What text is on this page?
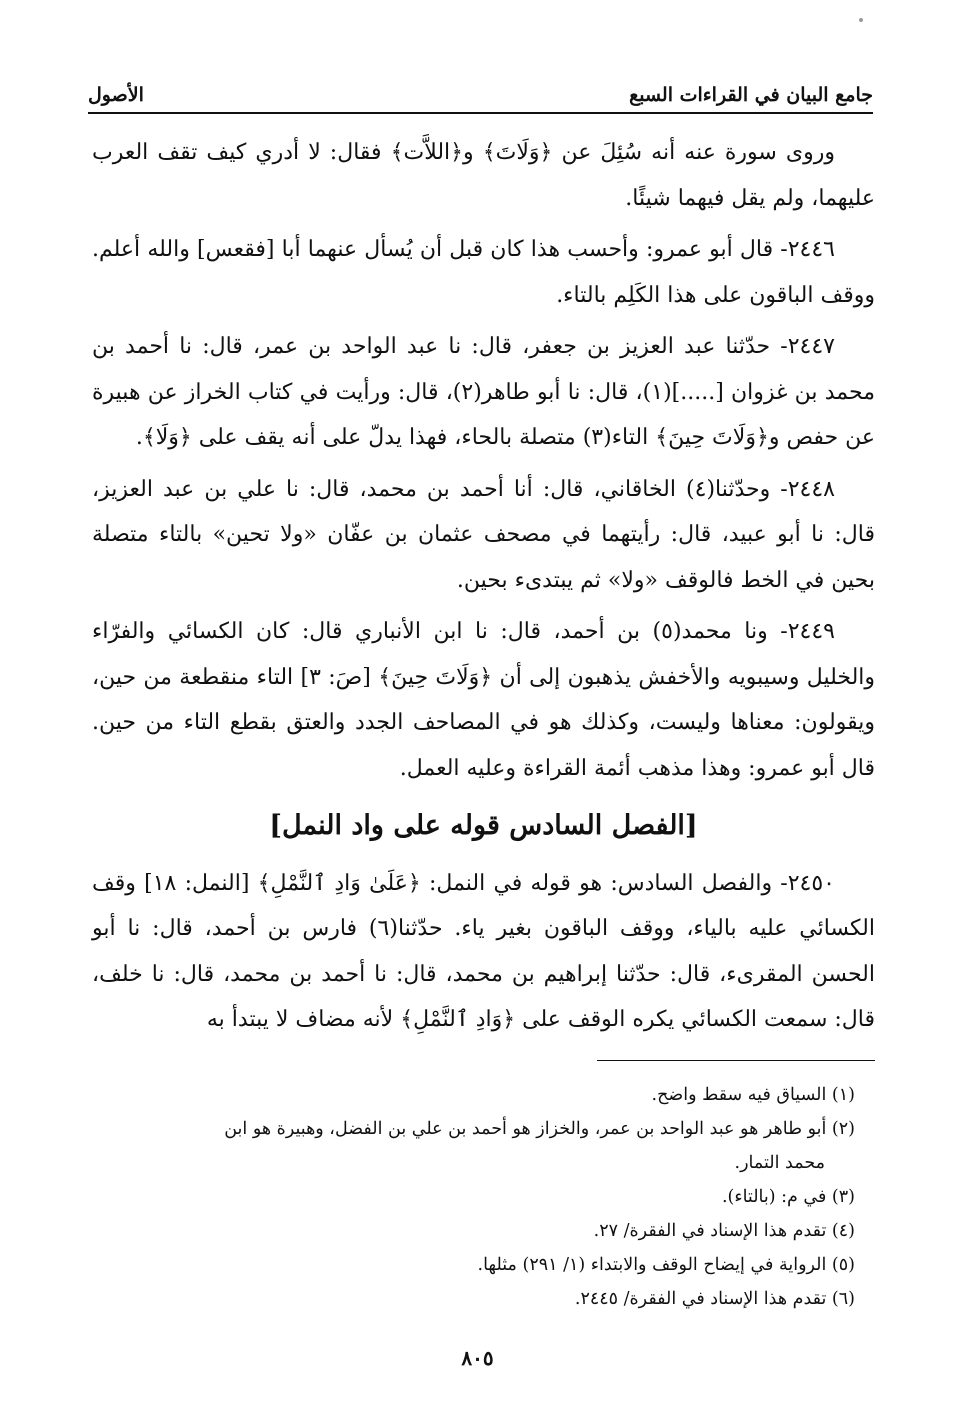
جامع البيان في القراءات السبع
الأصول

وروى سورة عنه أنه سُئِلَ عن ﴿وَلَاتَ﴾ و﴿اللاَّت﴾ فقال: لا أدري كيف تقف العرب عليهما، ولم يقل فيهما شيئًا.

٢٤٤٦- قال أبو عمرو: وأحسب هذا كان قبل أن يُسأل عنهما أبا [فقعس] والله أعلم. ووقف الباقون على هذا الكَلِم بالتاء.

٢٤٤٧- حدّثنا عبد العزيز بن جعفر، قال: نا عبد الواحد بن عمر، قال: نا أحمد بن محمد بن غزوان [.....](١)، قال: نا أبو طاهر(٢)، قال: ورأيت في كتاب الخراز عن هبيرة عن حفص و﴿وَلَاتَ حِينَ﴾ التاء(٣) متصلة بالحاء، فهذا يدلّ على أنه يقف على ﴿وَلَا﴾.

٢٤٤٨- وحدّثنا(٤) الخاقاني، قال: أنا أحمد بن محمد، قال: نا علي بن عبد العزيز، قال: نا أبو عبيد، قال: رأيتهما في مصحف عثمان بن عفّان «ولا تحين» بالتاء متصلة بحين في الخط فالوقف «ولا» ثم يبتدىء بحين.

٢٤٤٩- ونا محمد(٥) بن أحمد، قال: نا ابن الأنباري قال: كان الكسائي والفرّاء والخليل وسيبويه والأخفش يذهبون إلى أن ﴿وَلَاتَ حِينَ﴾ [صَ: ٣] التاء منقطعة من حين، ويقولون: معناها وليست، وكذلك هو في المصاحف الجدد والعتق بقطع التاء من حين. قال أبو عمرو: وهذا مذهب أئمة القراءة وعليه العمل.

[الفصل السادس قوله على واد النمل]

٢٤٥٠- والفصل السادس: هو قوله في النمل: ﴿عَلَىٰ وَادِ ٱلنَّمْلِ﴾ [النمل: ١٨] وقف الكسائي عليه بالياء، ووقف الباقون بغير ياء. حدّثنا(٦) فارس بن أحمد، قال: نا أبو الحسن المقرىء، قال: حدّثنا إبراهيم بن محمد، قال: نا أحمد بن محمد، قال: نا خلف، قال: سمعت الكسائي يكره الوقف على ﴿وَادِ ٱلنَّمْلِ﴾ لأنه مضاف لا يبتدأ به

(١) السياق فيه سقط واضح.

(٢) أبو طاهر هو عبد الواحد بن عمر، والخزاز هو أحمد بن علي بن الفضل، وهبيرة هو ابن

محمد التمار.

(٣) في م: (بالتاء).

(٤) تقدم هذا الإسناد في الفقرة/ ٢٧.

(٥) الرواية في إيضاح الوقف والابتداء (١/ ٢٩١) مثلها.

(٦) تقدم هذا الإسناد في الفقرة/ ٢٤٤٥.

٨٠٥
